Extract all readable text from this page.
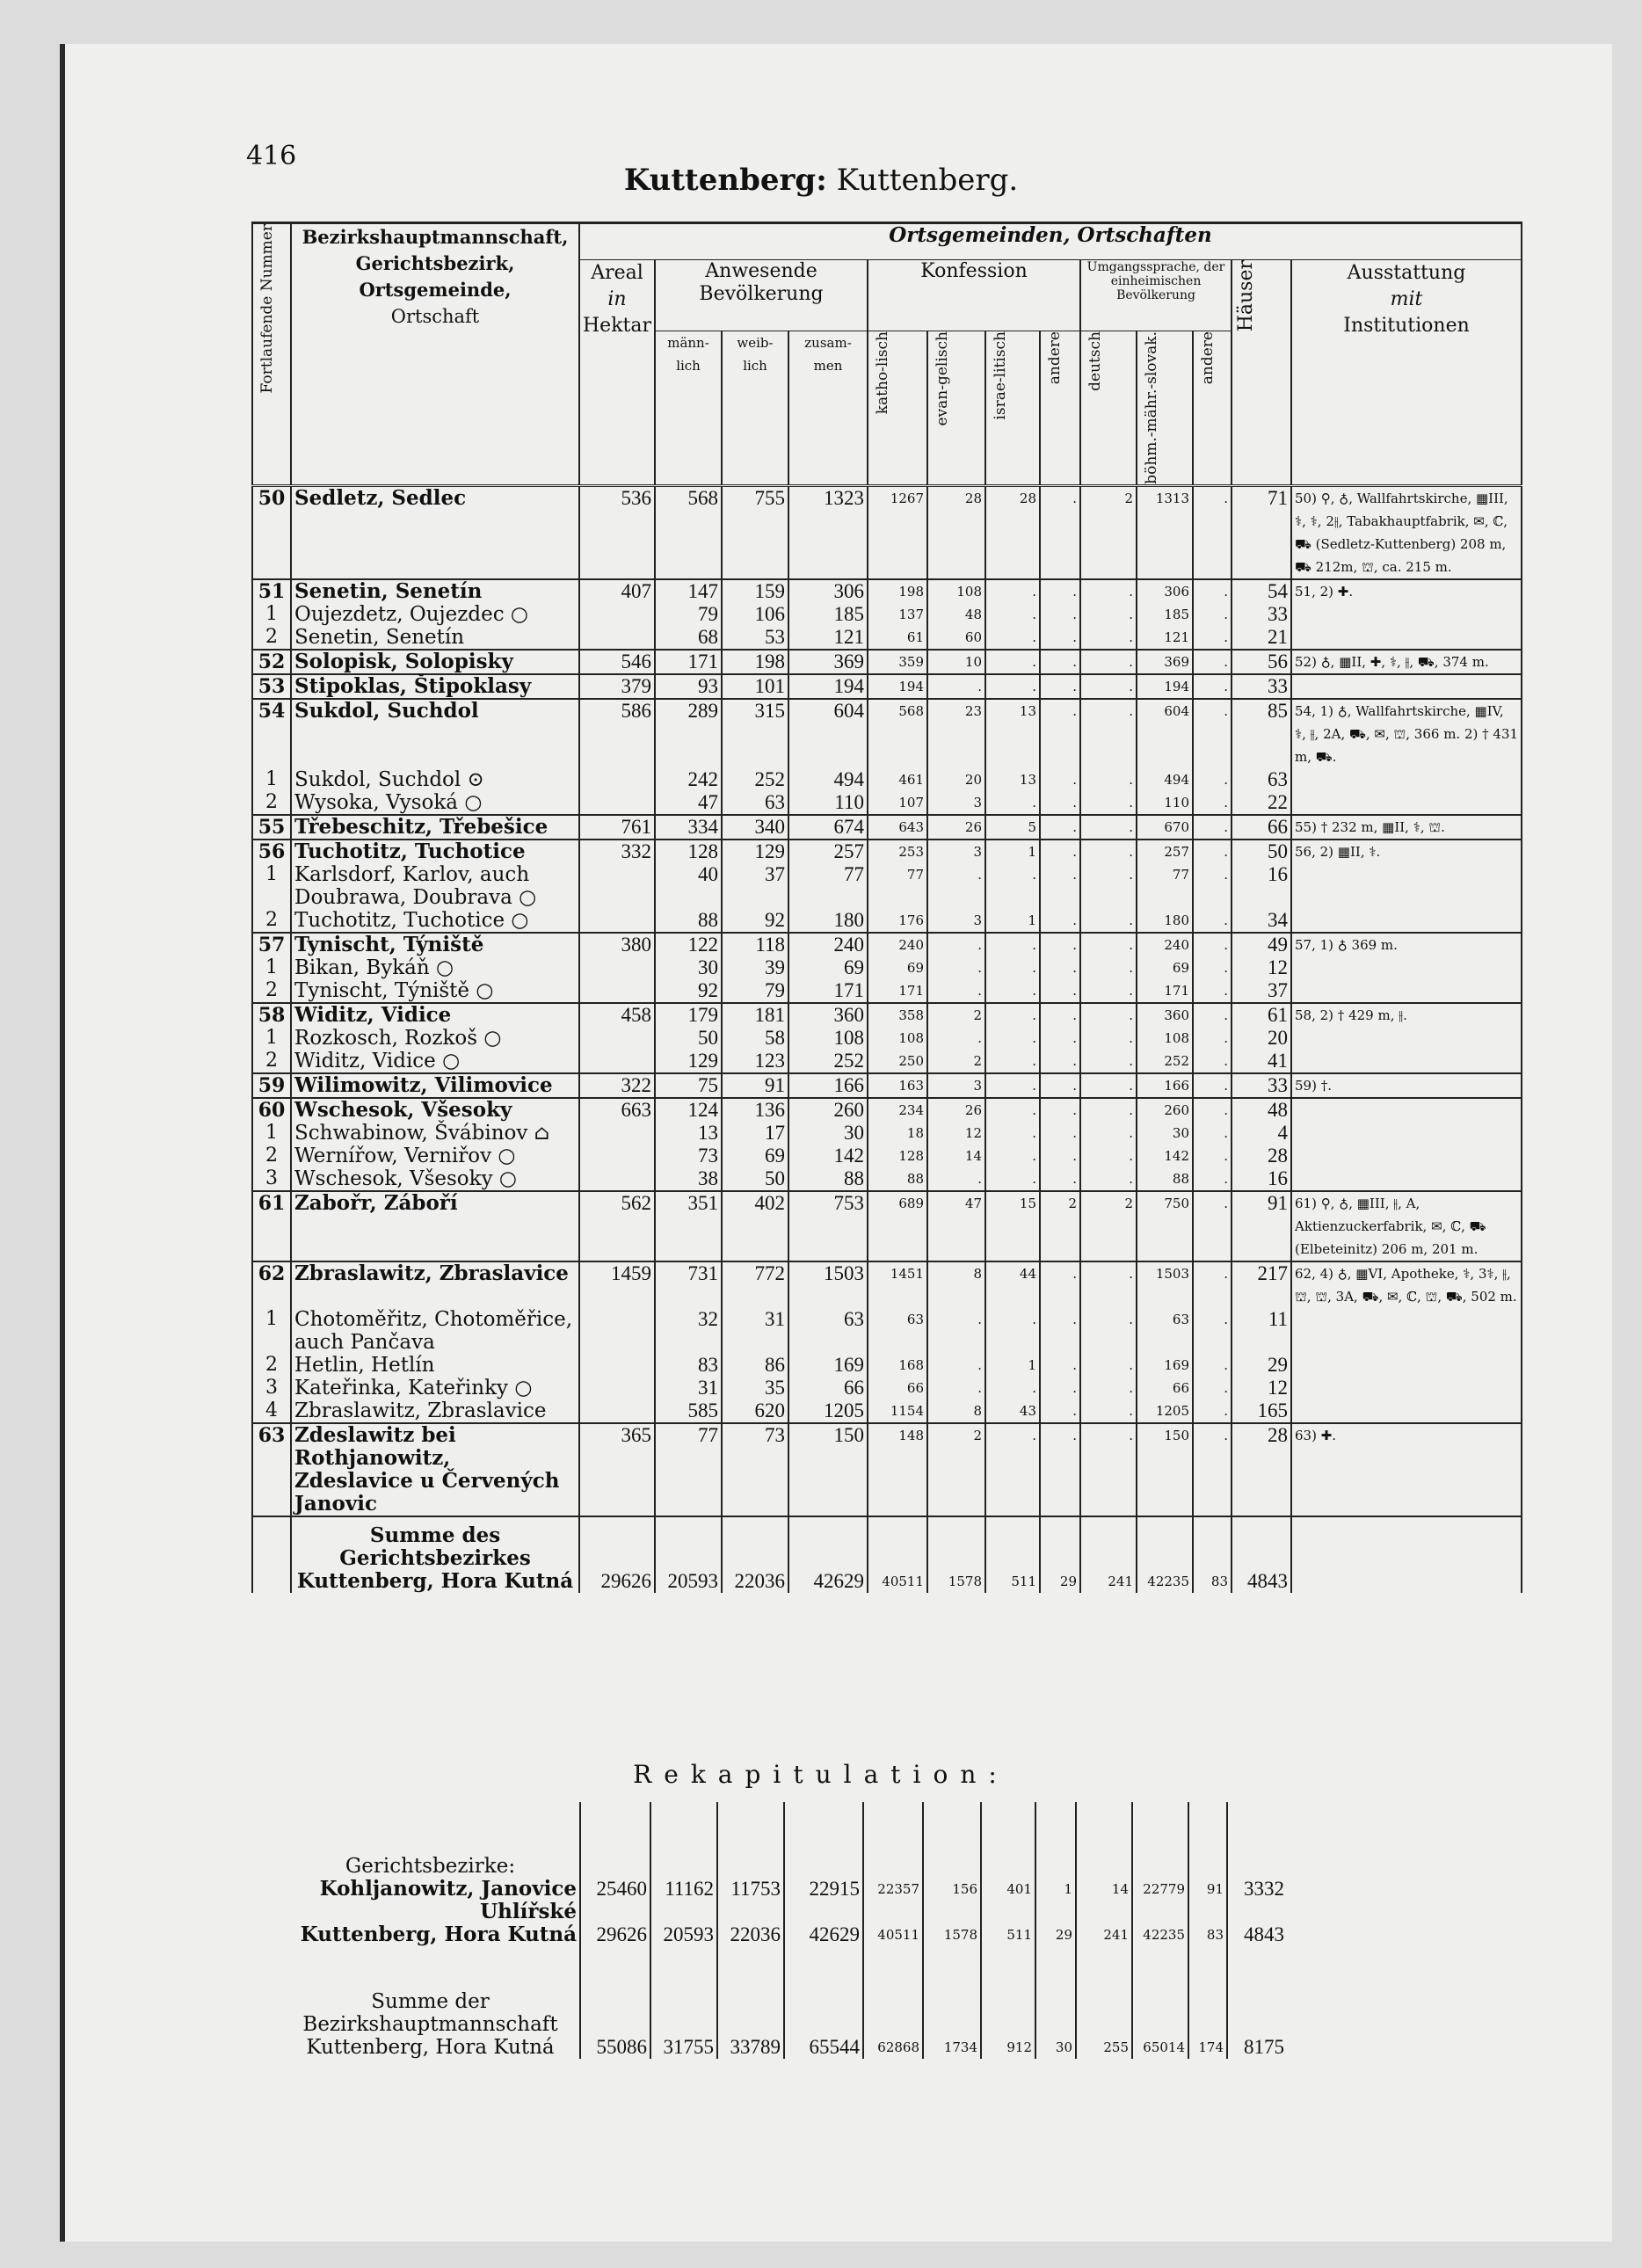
416
Kuttenberg: Kuttenberg.
Fortlaufende Nummer	Bezirkshauptmannschaft,
Gerichtsbezirk,
Ortsgemeinde,
Ortschaft	Ortsgemeinden, Ortschaften												
		Areal
in
Hektar	Anwesende Bevölkerung			Konfession				Umgangssprache, der einheimischen Bevölkerung			Häuser	Ausstattung
mit
Institutionen
			männ-lich	weib-lich	zusam-men	katho-lisch	evan-gelisch	israe-litisch	andere	deutsch	böhm.-mähr.-slovak.	andere		

50	Sedletz, Sedlec	536	568	755	1323	1267	28	28	.	2	1313	.	71	50) ⚲, ♁, Wallfahrtskirche, ▦III, ⚕, ⚕, 2⫲, Tabakhauptfabrik, ✉, ℂ, ⛟ (Sedletz-Kuttenberg) 208 m, ⛟ 212m, ⛫, ca. 215 m.
51	Senetin, Senetín	407	147	159	306	198	108	.	.	.	306	.	54	51, 2) ✚.
1	Oujezdetz, Oujezdec ○		79	106	185	137	48	.	.	.	185	.	33	
2	Senetin, Senetín		68	53	121	61	60	.	.	.	121	.	21	
52	Solopisk, Solopisky	546	171	198	369	359	10	.	.	.	369	.	56	52) ♁, ▦II, ✚, ⚕, ⫲, ⛟, 374 m.
53	Stipoklas, Štipoklasy	379	93	101	194	194	.	.	.	.	194	.	33	
54	Sukdol, Suchdol	586	289	315	604	568	23	13	.	.	604	.	85	54, 1) ♁, Wallfahrtskirche, ▦IV, ⚕, ⫲, 2A, ⛟, ✉, ⛫, 366 m. 2) † 431 m, ⛟.
1	Sukdol, Suchdol ⊙		242	252	494	461	20	13	.	.	494	.	63	
2	Wysoka, Vysoká ○		47	63	110	107	3	.	.	.	110	.	22	
55	Třebeschitz, Třebešice	761	334	340	674	643	26	5	.	.	670	.	66	55) † 232 m, ▦II, ⚕, ⛫.
56	Tuchotitz, Tuchotice	332	128	129	257	253	3	1	.	.	257	.	50	56, 2) ▦II, ⚕.
1	Karlsdorf, Karlov, auch Doubrawa, Doubrava ○		40	37	77	77	.	.	.	.	77	.	16	
2	Tuchotitz, Tuchotice ○		88	92	180	176	3	1	.	.	180	.	34	
57	Tynischt, Týniště	380	122	118	240	240	.	.	.	.	240	.	49	57, 1) ♁ 369 m.
1	Bikan, Bykáň ○		30	39	69	69	.	.	.	.	69	.	12	
2	Tynischt, Týniště ○		92	79	171	171	.	.	.	.	171	.	37	
58	Widitz, Vidice	458	179	181	360	358	2	.	.	.	360	.	61	58, 2) † 429 m, ⫲.
1	Rozkosch, Rozkoš ○		50	58	108	108	.	.	.	.	108	.	20	
2	Widitz, Vidice ○		129	123	252	250	2	.	.	.	252	.	41	
59	Wilimowitz, Vilimovice	322	75	91	166	163	3	.	.	.	166	.	33	59) †.
60	Wschesok, Všesoky	663	124	136	260	234	26	.	.	.	260	.	48	
1	Schwabinow, Švábinov ⌂		13	17	30	18	12	.	.	.	30	.	4	
2	Wernířow, Verniřov ○		73	69	142	128	14	.	.	.	142	.	28	
3	Wschesok, Všesoky ○		38	50	88	88	.	.	.	.	88	.	16	
61	Zabořr, Záboří	562	351	402	753	689	47	15	2	2	750	.	91	61) ⚲, ♁, ▦III, ⫲, A, Aktienzuckerfabrik, ✉, ℂ, ⛟ (Elbeteinitz) 206 m, 201 m.
62	Zbraslawitz, Zbraslavice	1459	731	772	1503	1451	8	44	.	.	1503	.	217	62, 4) ♁, ▦VI, Apotheke, ⚕, 3⚕, ⫲, ⛫, ⛫, 3A, ⛟, ✉, ℂ, ⛫, ⛟, 502 m.
1	Chotoměřitz, Chotoměřice, auch Pančava		32	31	63	63	.	.	.	.	63	.	11	
2	Hetlin, Hetlín		83	86	169	168	.	1	.	.	169	.	29	
3	Kateřinka, Kateřinky ○		31	35	66	66	.	.	.	.	66	.	12	
4	Zbraslawitz, Zbraslavice		585	620	1205	1154	8	43	.	.	1205	.	165	
63	Zdeslawitz bei Rothjanowitz, Zdeslavice u Červených Janovic	365	77	73	150	148	2	.	.	.	150	.	28	63) ✚.
	Summe des Gerichtsbezirkes Kuttenberg, Hora Kutná	29626	20593	22036	42629	40511	1578	511	29	241	42235	83	4843	
Rekapitulation:
Gerichtsbezirke:												
Kohljanowitz, Janovice Uhlířské	25460	11162	11753	22915	22357	156	401	1	14	22779	91	3332
Kuttenberg, Hora Kutná	29626	20593	22036	42629	40511	1578	511	29	241	42235	83	4843
Summe der Bezirkshauptmannschaft Kuttenberg, Hora Kutná	55086	31755	33789	65544	62868	1734	912	30	255	65014	174	8175
